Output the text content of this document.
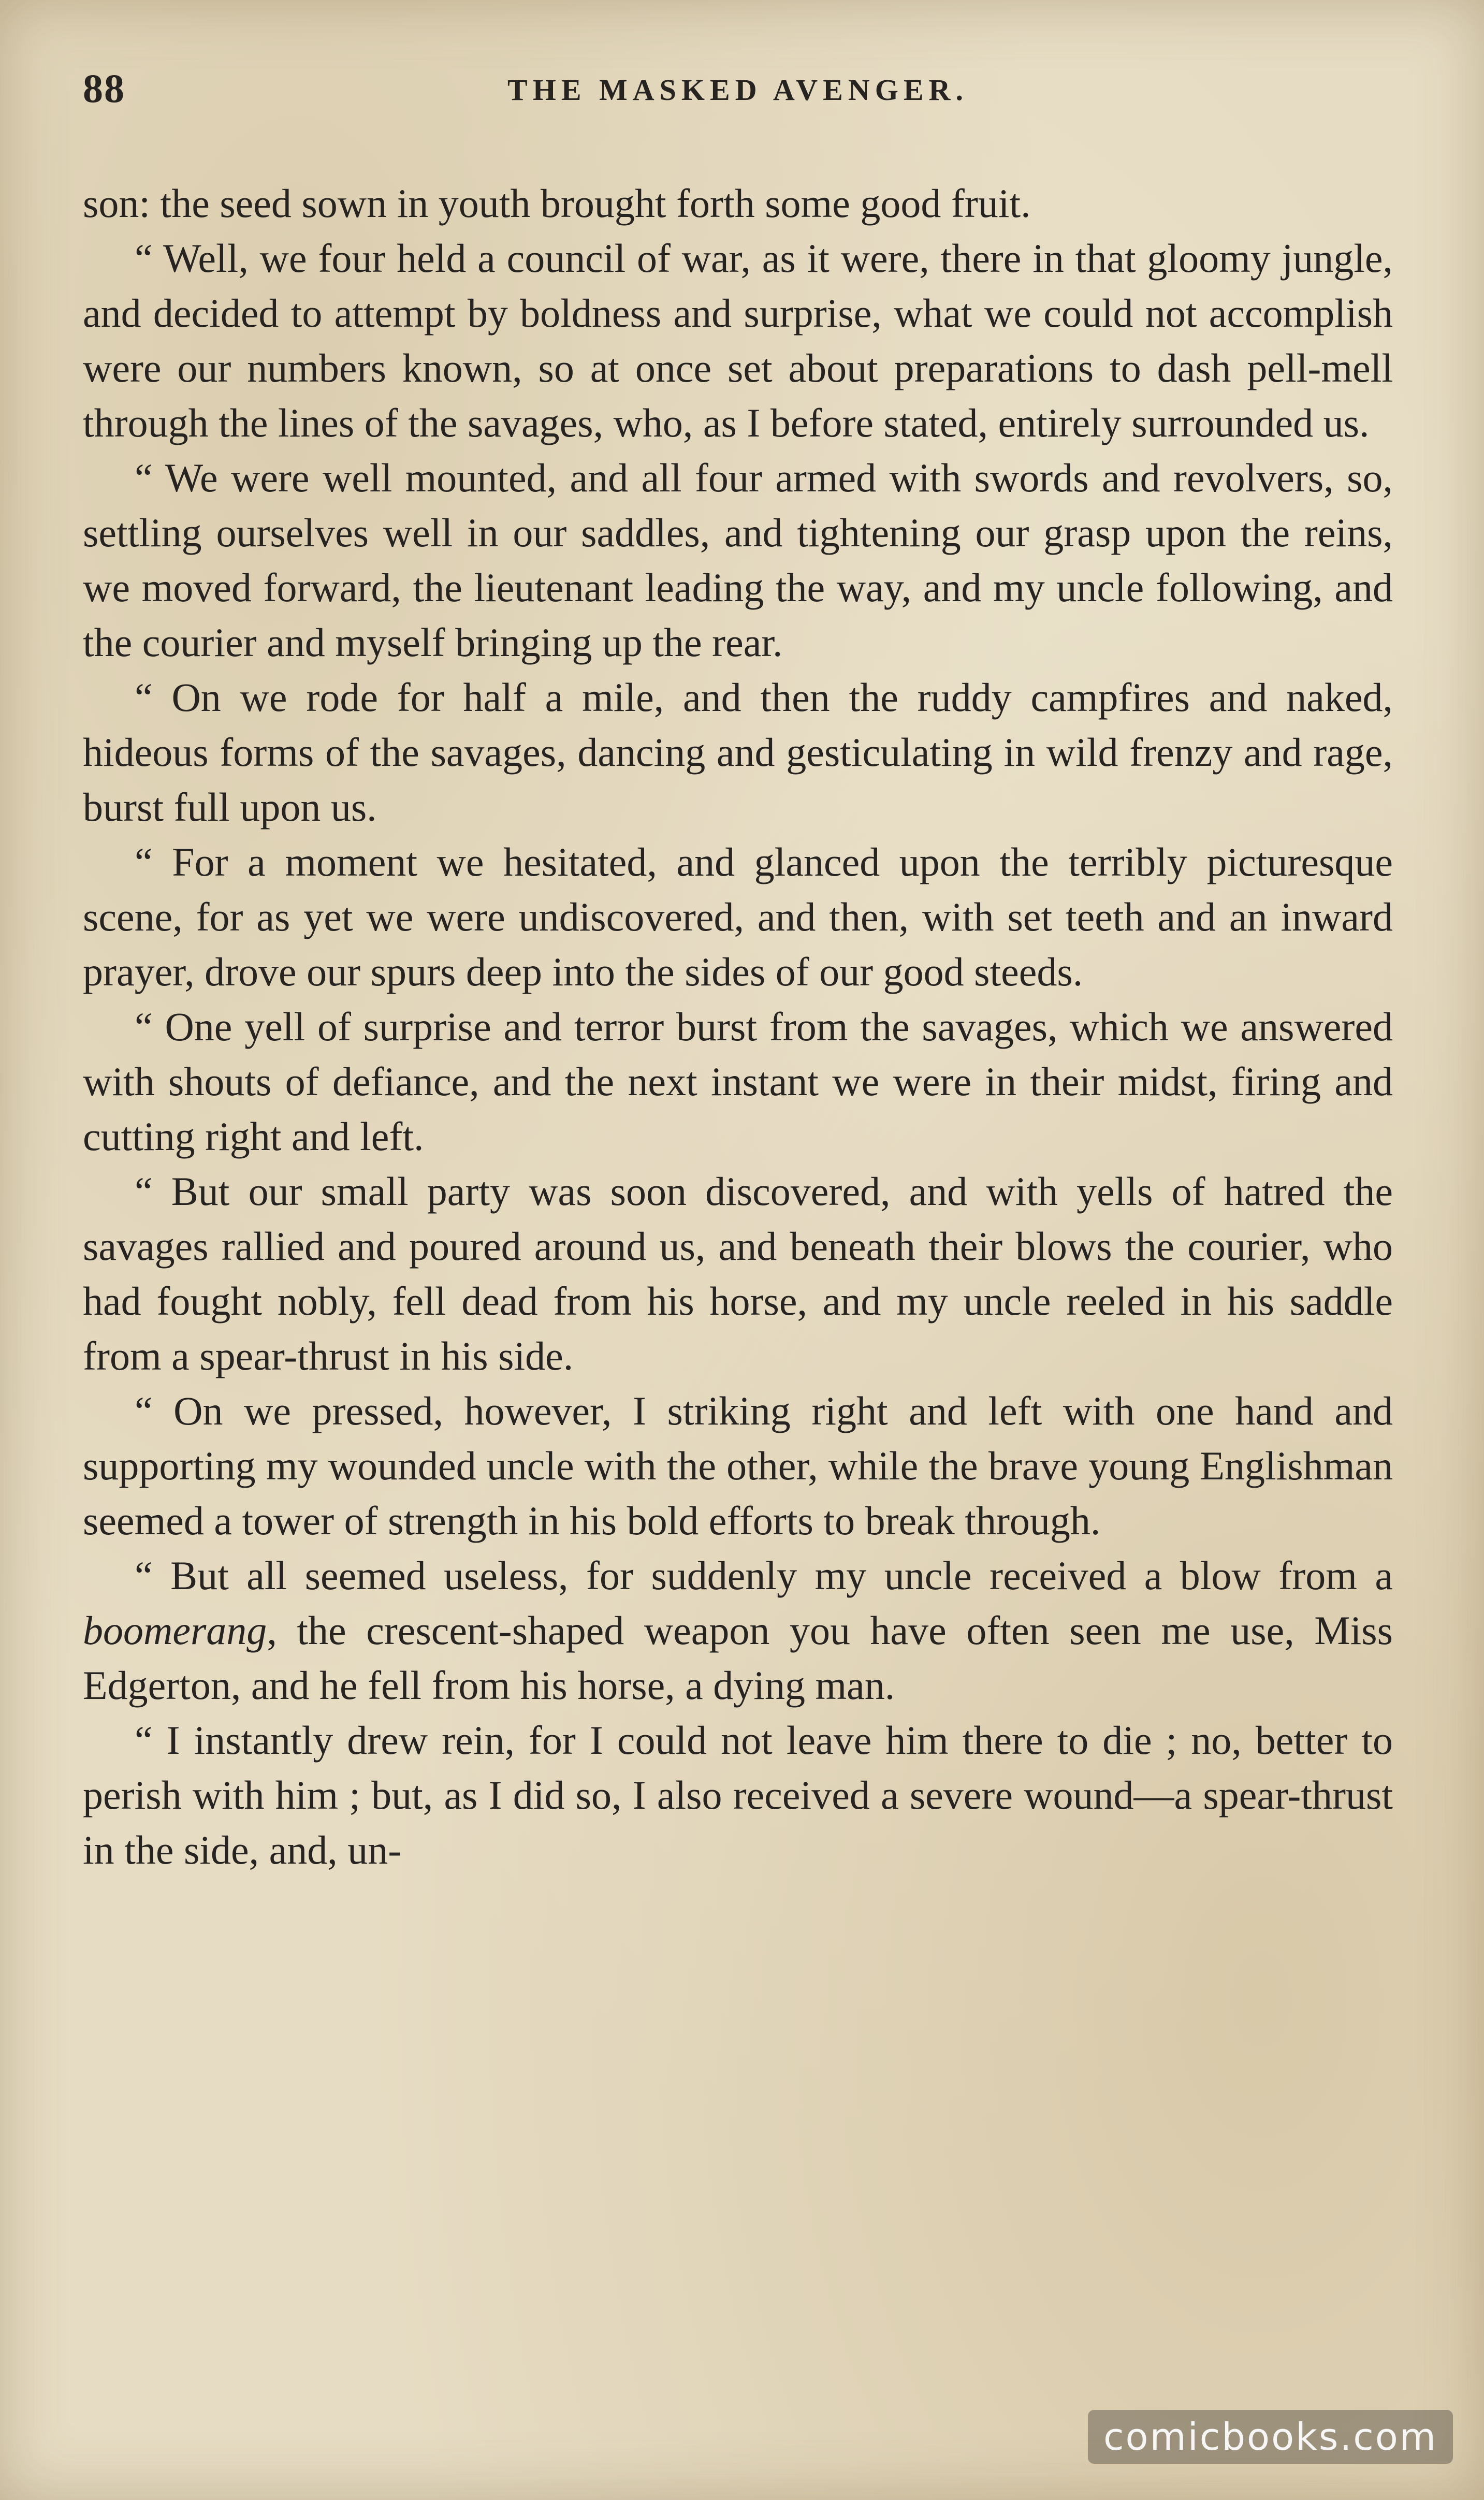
88	THE MASKED AVENGER.

son: the seed sown in youth brought forth some good fruit.

“ Well, we four held a council of war, as it were, there in that gloomy jungle, and decided to attempt by boldness and surprise, what we could not accomplish were our numbers known, so at once set about preparations to dash pell-mell through the lines of the savages, who, as I before stated, entirely surrounded us.

“ We were well mounted, and all four armed with swords and revolvers, so, settling ourselves well in our saddles, and tightening our grasp upon the reins, we moved forward, the lieutenant leading the way, and my uncle following, and the courier and myself bringing up the rear.

“ On we rode for half a mile, and then the ruddy campfires and naked, hideous forms of the savages, dancing and gesticulating in wild frenzy and rage, burst full upon us.

“ For a moment we hesitated, and glanced upon the terribly picturesque scene, for as yet we were undiscovered, and then, with set teeth and an inward prayer, drove our spurs deep into the sides of our good steeds.

“ One yell of surprise and terror burst from the savages, which we answered with shouts of defiance, and the next instant we were in their midst, firing and cutting right and left.

“ But our small party was soon discovered, and with yells of hatred the savages rallied and poured around us, and beneath their blows the courier, who had fought nobly, fell dead from his horse, and my uncle reeled in his saddle from a spear-thrust in his side.

“ On we pressed, however, I striking right and left with one hand and supporting my wounded uncle with the other, while the brave young Englishman seemed a tower of strength in his bold efforts to break through.

“ But all seemed useless, for suddenly my uncle received a blow from a boomerang, the crescent-shaped weapon you have often seen me use, Miss Edgerton, and he fell from his horse, a dying man.

“ I instantly drew rein, for I could not leave him there to die ; no, better to perish with him ; but, as I did so, I also received a severe wound—a spear-thrust in the side, and, un-

comicbooks.com
